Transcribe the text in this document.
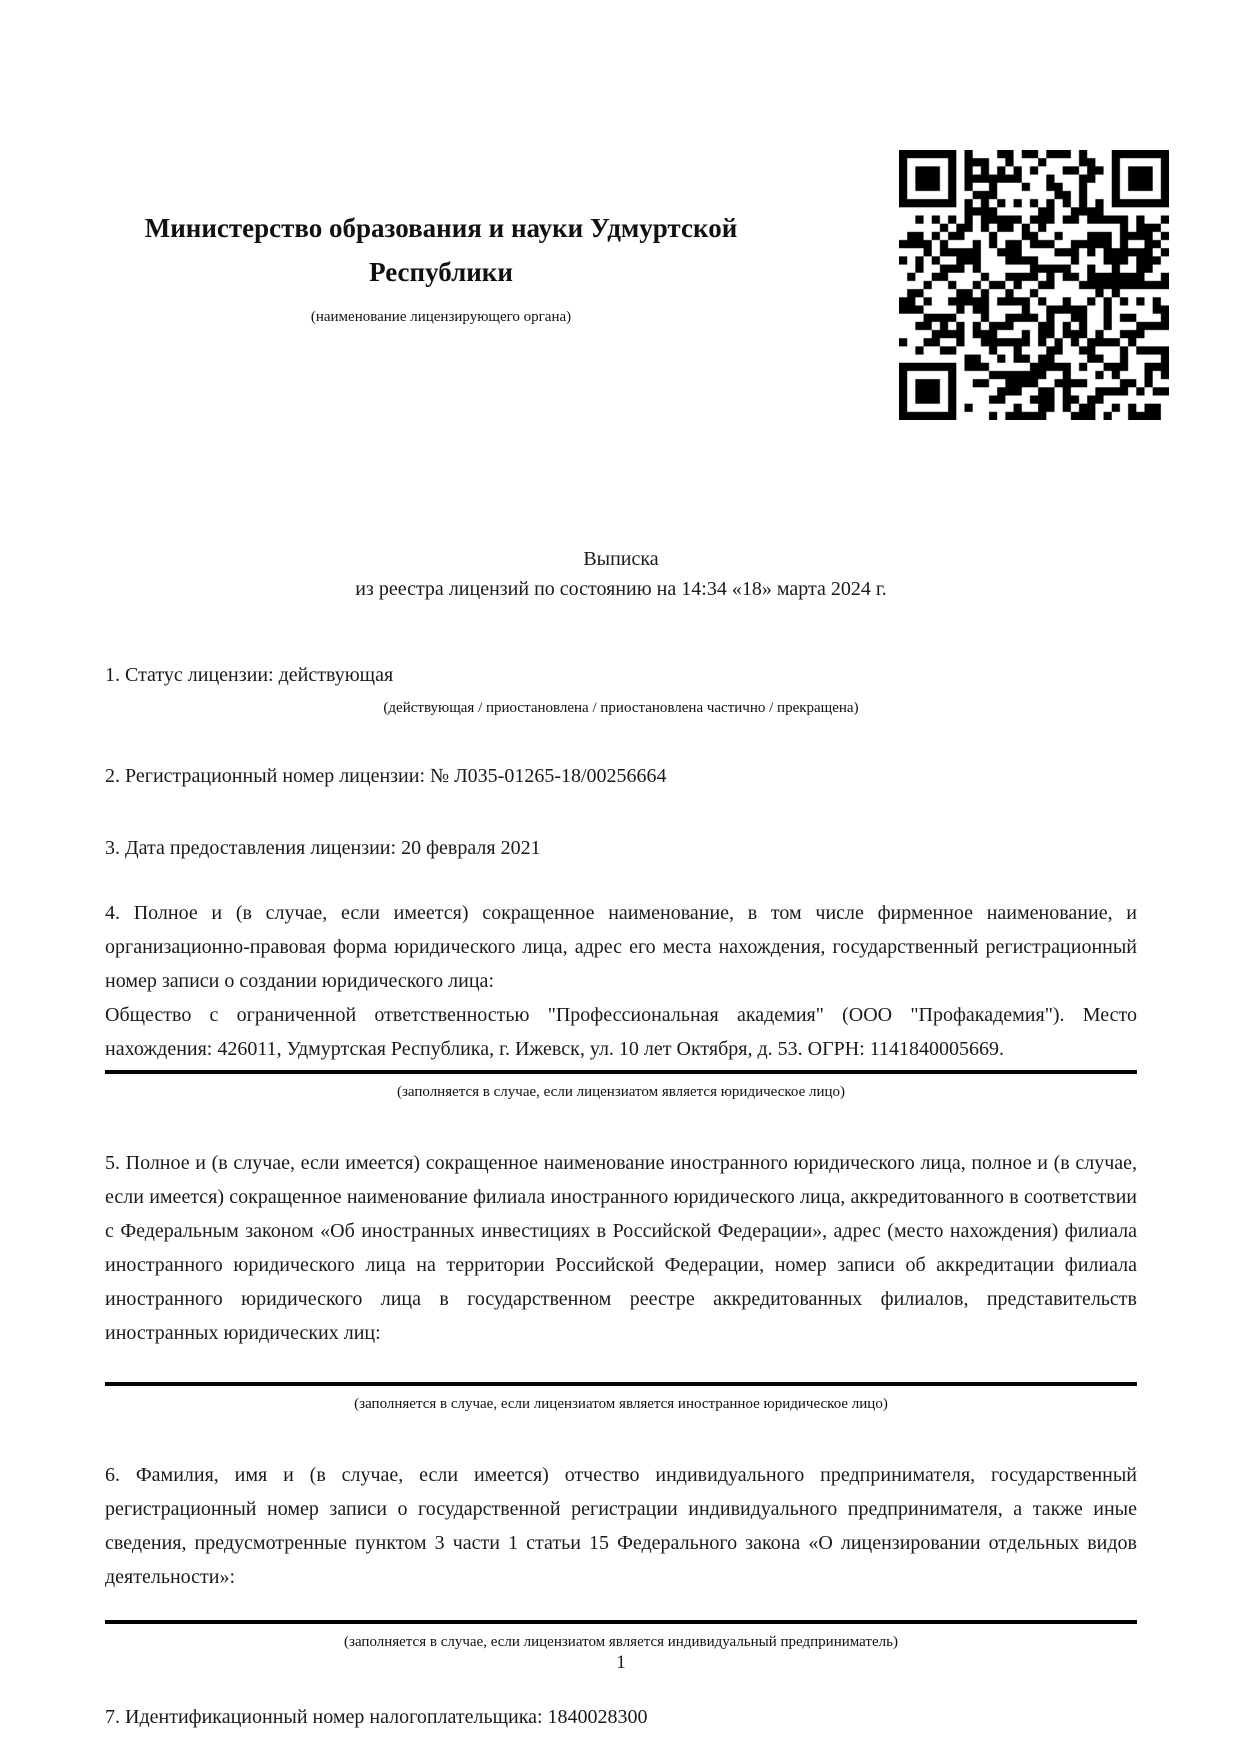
Министерство образования и науки Удмуртской Республики
(наименование лицензирующего органа)
Выписка
из реестра лицензий по состоянию на 14:34 «18» марта 2024 г.

1. Статус лицензии: действующая

(действующая / приостановлена / приостановлена частично / прекращена)

2. Регистрационный номер лицензии: № Л035-01265-18/00256664

3. Дата предоставления лицензии: 20 февраля 2021

4. Полное и (в случае, если имеется) сокращенное наименование, в том числе фирменное наименование, и организационно-правовая форма юридического лица, адрес его места нахождения, государственный регистрационный номер записи о создании юридического лица:
Общество с ограниченной ответственностью "Профессиональная академия" (ООО "Профакадемия"). Место нахождения: 426011, Удмуртская Республика, г. Ижевск, ул. 10 лет Октября, д. 53. ОГРН: 1141840005669.
(заполняется в случае, если лицензиатом является юридическое лицо)
5. Полное и (в случае, если имеется) сокращенное наименование иностранного юридического лица, полное и (в случае, если имеется) сокращенное наименование филиала иностранного юридического лица, аккредитованного в соответствии с Федеральным законом «Об иностранных инвестициях в Российской Федерации», адрес (место нахождения) филиала иностранного юридического лица на территории Российской Федерации, номер записи об аккредитации филиала иностранного юридического лица в государственном реестре аккредитованных филиалов, представительств иностранных юридических лиц:
(заполняется в случае, если лицензиатом является иностранное юридическое лицо)
6. Фамилия, имя и (в случае, если имеется) отчество индивидуального предпринимателя, государственный регистрационный номер записи о государственной регистрации индивидуального предпринимателя, а также иные сведения, предусмотренные пунктом 3 части 1 статьи 15 Федерального закона «О лицензировании отдельных видов деятельности»:
(заполняется в случае, если лицензиатом является индивидуальный предприниматель)

7. Идентификационный номер налогоплательщика: 1840028300

1
